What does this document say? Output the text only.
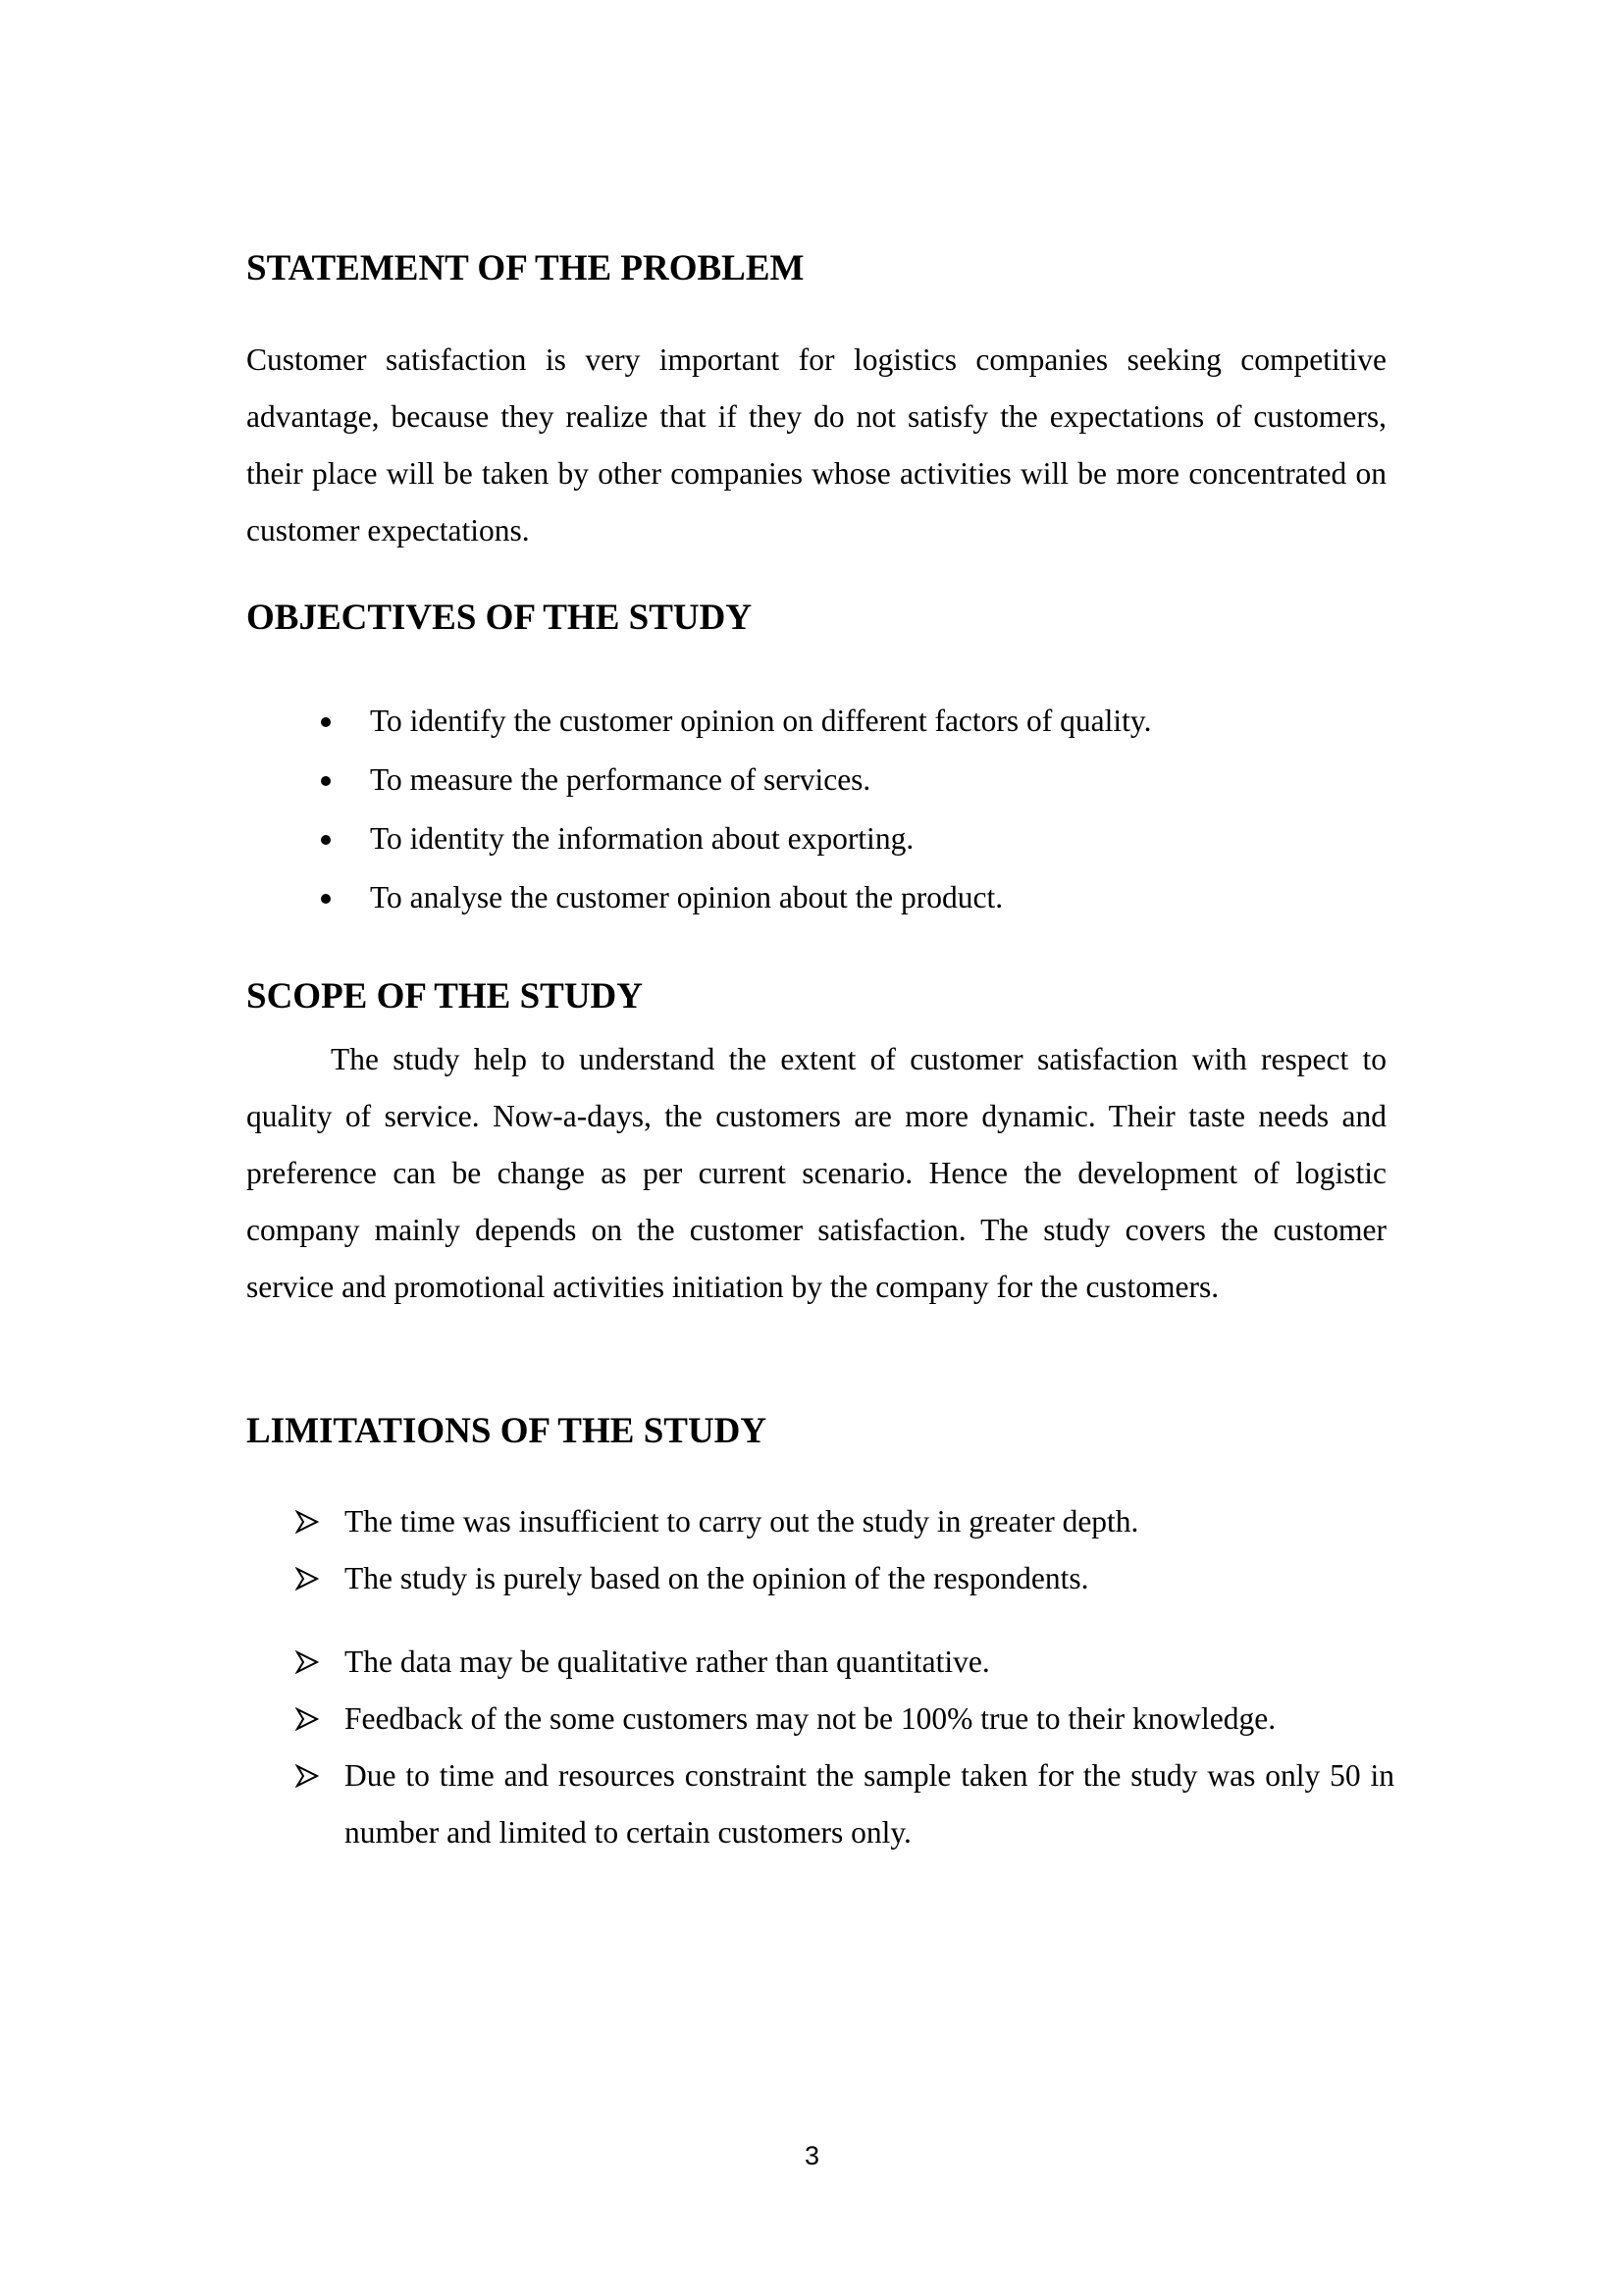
STATEMENT OF THE PROBLEM

Customer satisfaction is very important for logistics companies seeking competitive advantage, because they realize that if they do not satisfy the expectations of customers, their place will be taken by other companies whose activities will be more concentrated on customer expectations.

OBJECTIVES OF THE STUDY
To identify the customer opinion on different factors of quality.
To measure the performance of services.
To identity the information about exporting.
To analyse the customer opinion about the product.
SCOPE OF THE STUDY

The study help to understand the extent of customer satisfaction with respect to quality of service. Now-a-days, the customers are more dynamic. Their taste needs and preference can be change as per current scenario. Hence the development of logistic company mainly depends on the customer satisfaction. The study covers the customer service and promotional activities initiation by the company for the customers.

LIMITATIONS OF THE STUDY
The time was insufficient to carry out the study in greater depth.
The study is purely based on the opinion of the respondents.
The data may be qualitative rather than quantitative.
Feedback of the some customers may not be 100% true to their knowledge.
Due to time and resources constraint the sample taken for the study was only 50 in number and limited to certain customers only.
3
